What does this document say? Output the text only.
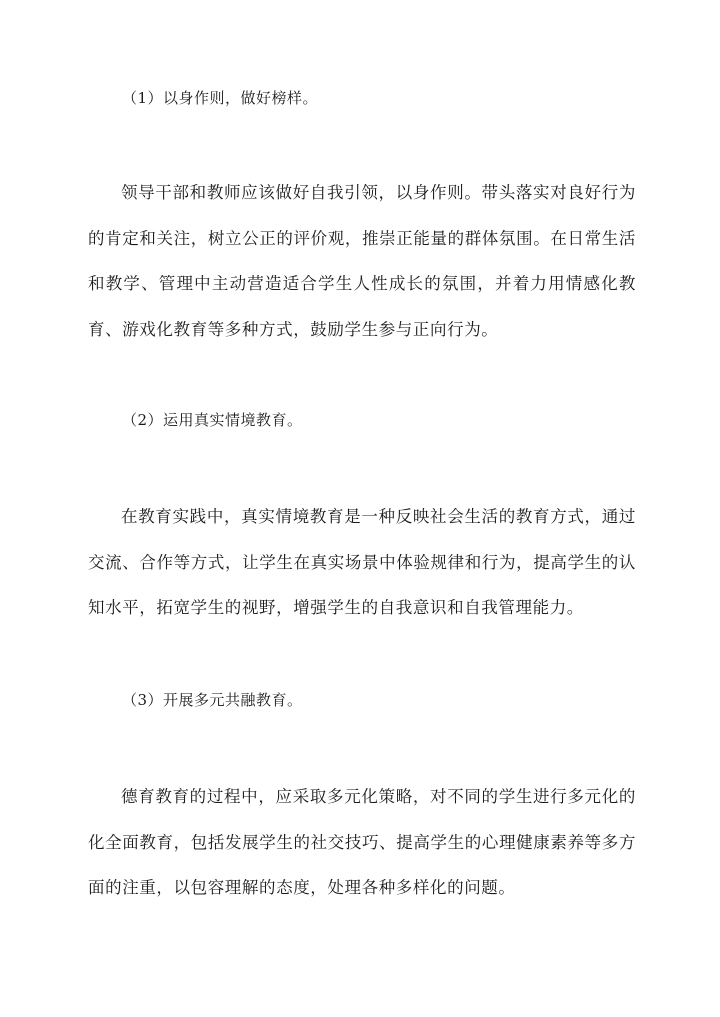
（1）以身作则，做好榜样。
领导干部和教师应该做好自我引领，以身作则。带头落实对良好行为的肯定和关注，树立公正的评价观，推崇正能量的群体氛围。在日常生活和教学、管理中主动营造适合学生人性成长的氛围，并着力用情感化教育、游戏化教育等多种方式，鼓励学生参与正向行为。
（2）运用真实情境教育。
在教育实践中，真实情境教育是一种反映社会生活的教育方式，通过交流、合作等方式，让学生在真实场景中体验规律和行为，提高学生的认知水平，拓宽学生的视野，增强学生的自我意识和自我管理能力。
（3）开展多元共融教育。
德育教育的过程中，应采取多元化策略，对不同的学生进行多元化的化全面教育，包括发展学生的社交技巧、提高学生的心理健康素养等多方面的注重，以包容理解的态度，处理各种多样化的问题。
